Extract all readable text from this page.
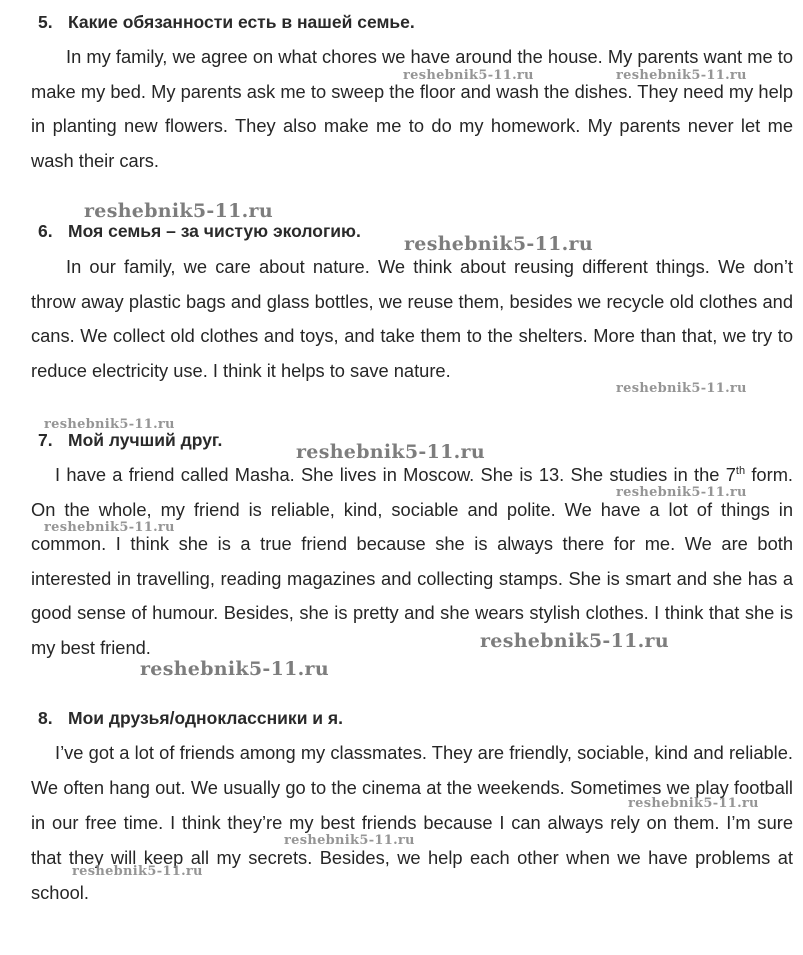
5. Какие обязанности есть в нашей семье.

In my family, we agree on what chores we have around the house. My parents want me to make my bed. My parents ask me to sweep the floor and wash the dishes. They need my help in planting new flowers. They also make me to do my homework. My parents never let me wash their cars.

6. Моя семья – за чистую экологию.

In our family, we care about nature. We think about reusing different things. We don’t throw away plastic bags and glass bottles, we reuse them, besides we recycle old clothes and cans. We collect old clothes and toys, and take them to the shelters. More than that, we try to reduce electricity use. I think it helps to save nature.

7. Мой лучший друг.

I have a friend called Masha. She lives in Moscow. She is 13. She studies in the 7th form. On the whole, my friend is reliable, kind, sociable and polite. We have a lot of things in common. I think she is a true friend because she is always there for me. We are both interested in travelling, reading magazines and collecting stamps. She is smart and she has a good sense of humour. Besides, she is pretty and she wears stylish clothes. I think that she is my best friend.

8. Мои друзья/одноклассники и я.

I’ve got a lot of friends among my classmates. They are friendly, sociable, kind and reliable. We often hang out. We usually go to the cinema at the weekends. Sometimes we play football in our free time. I think they’re my best friends because I can always rely on them. I’m sure that they will keep all my secrets. Besides, we help each other when we have problems at school.

reshebnik5-11.ru	reshebnik5-11.ru
reshebnik5-11.ru
reshebnik5-11.ru
reshebnik5-11.ru
reshebnik5-11.ru
reshebnik5-11.ru
reshebnik5-11.ru
reshebnik5-11.ru
reshebnik5-11.ru
reshebnik5-11.ru
reshebnik5-11.ru
reshebnik5-11.ru
reshebnik5-11.ru
